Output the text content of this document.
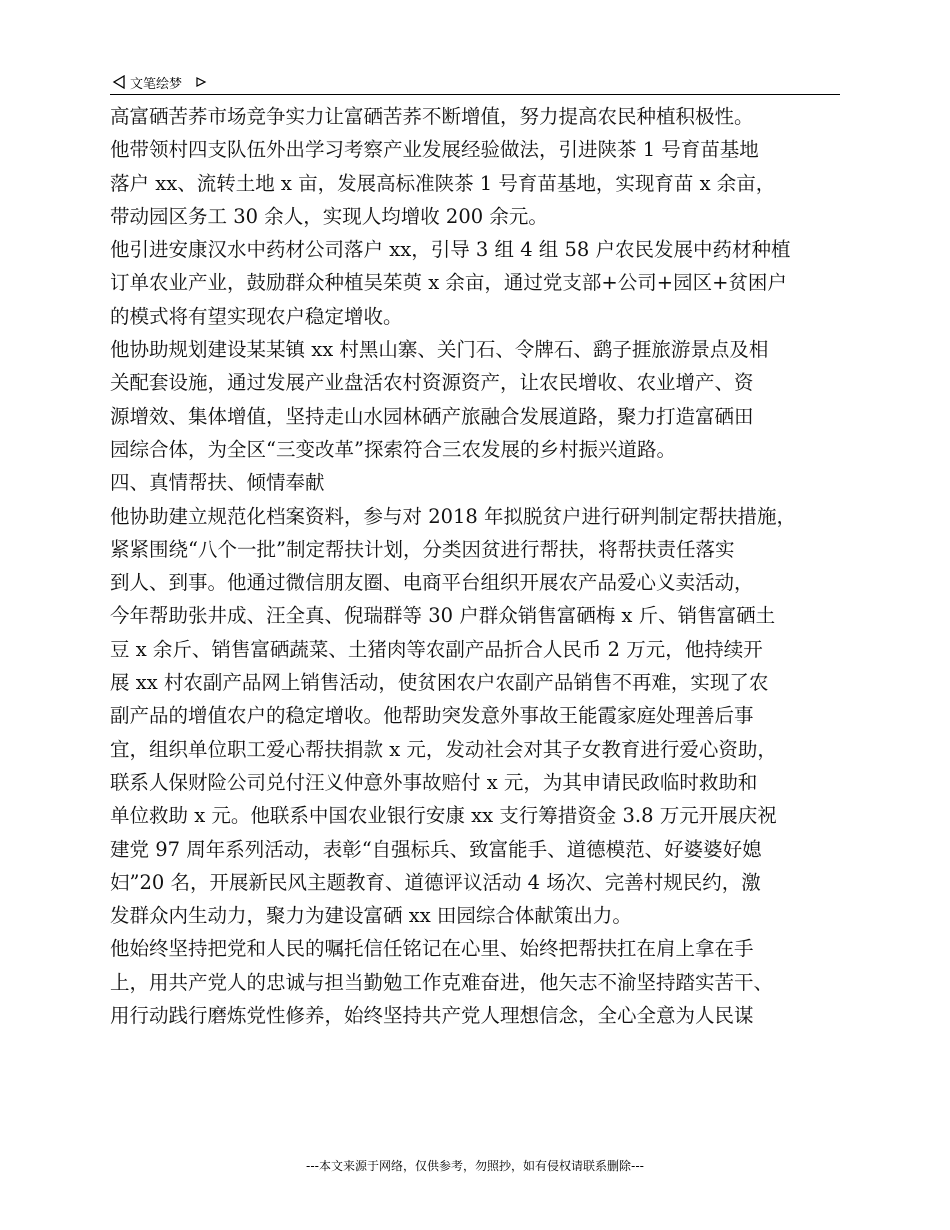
文笔绘梦
高富硒苦荞市场竞争实力让富硒苦荞不断增值，努力提高农民种植积极性。
他带领村四支队伍外出学习考察产业发展经验做法，引进陕茶 1 号育苗基地
落户 xx、流转土地 x 亩，发展高标准陕茶 1 号育苗基地，实现育苗 x 余亩，
带动园区务工 30 余人，实现人均增收 200 余元。
他引进安康汉水中药材公司落户 xx，引导 3 组 4 组 58 户农民发展中药材种植
订单农业产业，鼓励群众种植吴茱萸 x 余亩，通过党支部+公司+园区+贫困户
的模式将有望实现农户稳定增收。
他协助规划建设某某镇 xx 村黑山寨、关门石、令牌石、鹞子捱旅游景点及相
关配套设施，通过发展产业盘活农村资源资产，让农民增收、农业增产、资
源增效、集体增值，坚持走山水园林硒产旅融合发展道路，聚力打造富硒田
园综合体，为全区“三变改革”探索符合三农发展的乡村振兴道路。
四、真情帮扶、倾情奉献
他协助建立规范化档案资料，参与对 2018 年拟脱贫户进行研判制定帮扶措施，
紧紧围绕“八个一批”制定帮扶计划，分类因贫进行帮扶，将帮扶责任落实
到人、到事。他通过微信朋友圈、电商平台组织开展农产品爱心义卖活动，
今年帮助张井成、汪全真、倪瑞群等 30 户群众销售富硒梅 x 斤、销售富硒土
豆 x 余斤、销售富硒蔬菜、土猪肉等农副产品折合人民币 2 万元，他持续开
展 xx 村农副产品网上销售活动，使贫困农户农副产品销售不再难，实现了农
副产品的增值农户的稳定增收。他帮助突发意外事故王能霞家庭处理善后事
宜，组织单位职工爱心帮扶捐款 x 元，发动社会对其子女教育进行爱心资助，
联系人保财险公司兑付汪义仲意外事故赔付 x 元，为其申请民政临时救助和
单位救助 x 元。他联系中国农业银行安康 xx 支行筹措资金 3.8 万元开展庆祝
建党 97 周年系列活动，表彰“自强标兵、致富能手、道德模范、好婆婆好媳
妇”20 名，开展新民风主题教育、道德评议活动 4 场次、完善村规民约，激
发群众内生动力，聚力为建设富硒 xx 田园综合体献策出力。
他始终坚持把党和人民的嘱托信任铭记在心里、始终把帮扶扛在肩上拿在手
上，用共产党人的忠诚与担当勤勉工作克难奋进，他矢志不渝坚持踏实苦干、
用行动践行磨炼党性修养，始终坚持共产党人理想信念，全心全意为人民谋
---本文来源于网络，仅供参考，勿照抄，如有侵权请联系删除---
